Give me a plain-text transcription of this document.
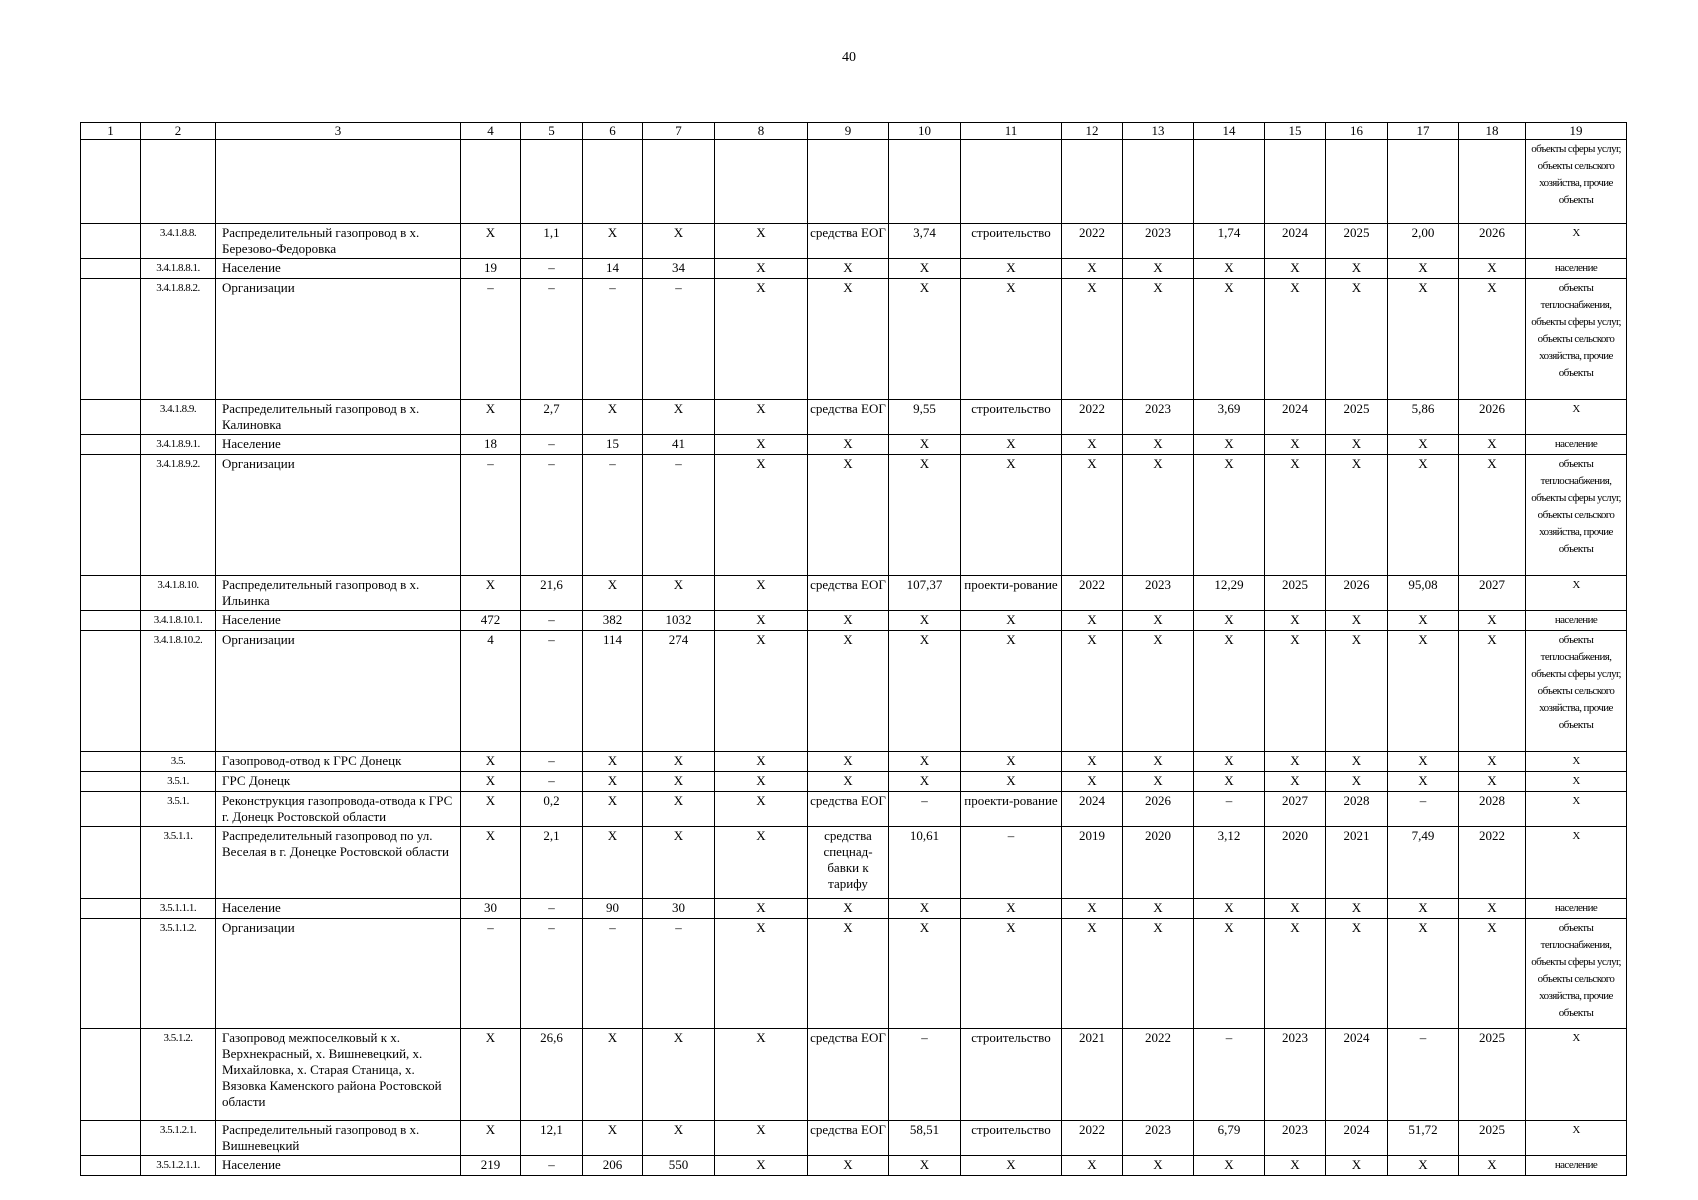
40
1	2	3	4	5	6	7	8	9	10	11	12	13	14	15	16	17	18	19
																		объекты сферы услуг, объекты сельского хозяйства, прочие объекты
	3.4.1.8.8.	Распределительный газопровод в х. Березово-Федоровка	Х	1,1	Х	Х	Х	средства ЕОГ	3,74	строительство	2022	2023	1,74	2024	2025	2,00	2026	Х
	3.4.1.8.8.1.	Население	19	–	14	34	Х	Х	Х	Х	Х	Х	Х	Х	Х	Х	Х	население
	3.4.1.8.8.2.	Организации	–	–	–	–	Х	Х	Х	Х	Х	Х	Х	Х	Х	Х	Х	объекты теплоснабжения, объекты сферы услуг, объекты сельского хозяйства, прочие объекты
	3.4.1.8.9.	Распределительный газопровод в х. Калиновка	Х	2,7	Х	Х	Х	средства ЕОГ	9,55	строительство	2022	2023	3,69	2024	2025	5,86	2026	Х
	3.4.1.8.9.1.	Население	18	–	15	41	Х	Х	Х	Х	Х	Х	Х	Х	Х	Х	Х	население
	3.4.1.8.9.2.	Организации	–	–	–	–	Х	Х	Х	Х	Х	Х	Х	Х	Х	Х	Х	объекты теплоснабжения, объекты сферы услуг, объекты сельского хозяйства, прочие объекты
	3.4.1.8.10.	Распределительный газопровод в х. Ильинка	Х	21,6	Х	Х	Х	средства ЕОГ	107,37	проекти-рование	2022	2023	12,29	2025	2026	95,08	2027	Х
	3.4.1.8.10.1.	Население	472	–	382	1032	Х	Х	Х	Х	Х	Х	Х	Х	Х	Х	Х	население
	3.4.1.8.10.2.	Организации	4	–	114	274	Х	Х	Х	Х	Х	Х	Х	Х	Х	Х	Х	объекты теплоснабжения, объекты сферы услуг, объекты сельского хозяйства, прочие объекты
	3.5.	Газопровод-отвод к ГРС Донецк	Х	–	Х	Х	Х	Х	Х	Х	Х	Х	Х	Х	Х	Х	Х	Х
	3.5.1.	ГРС Донецк	Х	–	Х	Х	Х	Х	Х	Х	Х	Х	Х	Х	Х	Х	Х	Х
	3.5.1.	Реконструкция газопровода-отвода к ГРС г. Донецк Ростовской области	Х	0,2	Х	Х	Х	средства ЕОГ	–	проекти-рование	2024	2026	–	2027	2028	–	2028	Х
	3.5.1.1.	Распределительный газопровод по ул. Веселая в г. Донецке Ростовской области	Х	2,1	Х	Х	Х	средства спецнад-бавки к тарифу	10,61	–	2019	2020	3,12	2020	2021	7,49	2022	Х
	3.5.1.1.1.	Население	30	–	90	30	Х	Х	Х	Х	Х	Х	Х	Х	Х	Х	Х	население
	3.5.1.1.2.	Организации	–	–	–	–	Х	Х	Х	Х	Х	Х	Х	Х	Х	Х	Х	объекты теплоснабжения, объекты сферы услуг, объекты сельского хозяйства, прочие объекты
	3.5.1.2.	Газопровод межпоселковый к х. Верхнекрасный, х. Вишневецкий, х. Михайловка, х. Старая Станица, х. Вязовка Каменского района Ростовской области	Х	26,6	Х	Х	Х	средства ЕОГ	–	строительство	2021	2022	–	2023	2024	–	2025	Х
	3.5.1.2.1.	Распределительный газопровод в х. Вишневецкий	Х	12,1	Х	Х	Х	средства ЕОГ	58,51	строительство	2022	2023	6,79	2023	2024	51,72	2025	Х
	3.5.1.2.1.1.	Население	219	–	206	550	Х	Х	Х	Х	Х	Х	Х	Х	Х	Х	Х	население
